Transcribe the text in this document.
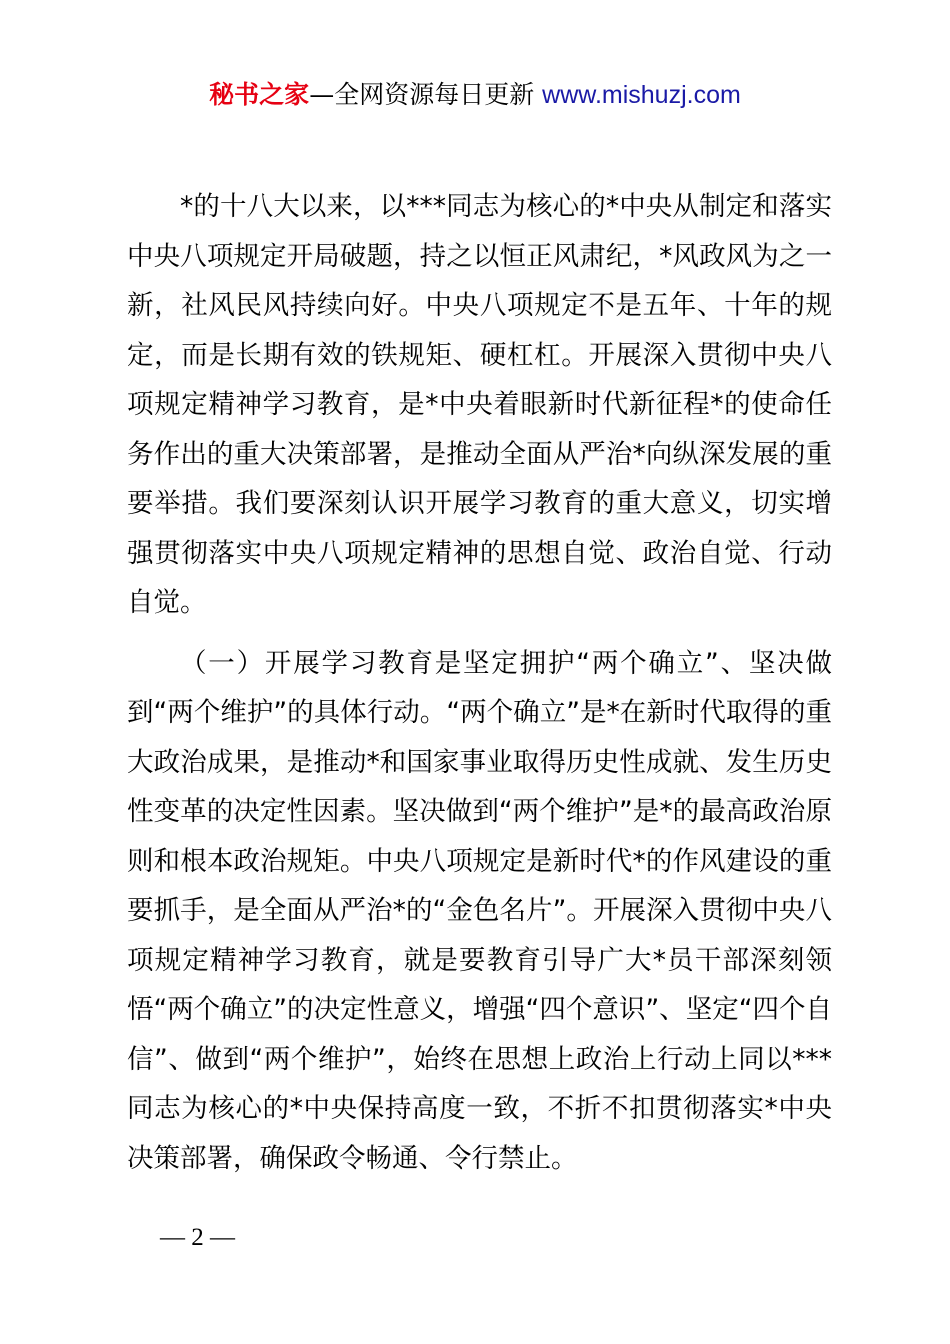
秘书之家—全网资源每日更新 www.mishuzj.com

*的十八大以来，以***同志为核心的*中央从制定和落实中央八项规定开局破题，持之以恒正风肃纪，*风政风为之一新，社风民风持续向好。中央八项规定不是五年、十年的规定，而是长期有效的铁规矩、硬杠杠。开展深入贯彻中央八项规定精神学习教育，是*中央着眼新时代新征程*的使命任务作出的重大决策部署，是推动全面从严治*向纵深发展的重要举措。我们要深刻认识开展学习教育的重大意义，切实增强贯彻落实中央八项规定精神的思想自觉、政治自觉、行动自觉。

（一）开展学习教育是坚定拥护“两个确立”、坚决做到“两个维护”的具体行动。“两个确立”是*在新时代取得的重大政治成果，是推动*和国家事业取得历史性成就、发生历史性变革的决定性因素。坚决做到“两个维护”是*的最高政治原则和根本政治规矩。中央八项规定是新时代*的作风建设的重要抓手，是全面从严治*的“金色名片”。开展深入贯彻中央八项规定精神学习教育，就是要教育引导广大*员干部深刻领悟“两个确立”的决定性意义，增强“四个意识”、坚定“四个自信”、做到“两个维护”，始终在思想上政治上行动上同以***同志为核心的*中央保持高度一致，不折不扣贯彻落实*中央决策部署，确保政令畅通、令行禁止。

— 2 —
